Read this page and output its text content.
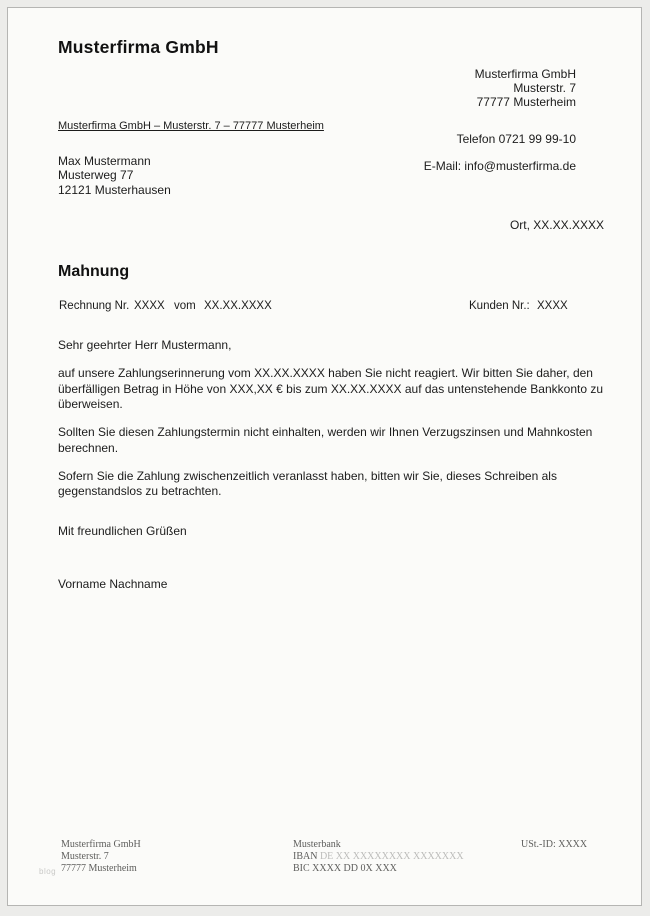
Musterfirma GmbH
Musterfirma GmbH
Musterstr. 7
77777 Musterheim
Telefon 0721 99 99-10
E-Mail: info@musterfirma.de
Musterfirma GmbH – Musterstr. 7 – 77777 Musterheim
Max Mustermann
Musterweg 77
12121 Musterhausen
Ort, XX.XX.XXXX
Mahnung
Rechnung Nr. XXXX vom XX.XX.XXXX	Kunden Nr.: XXXX

Sehr geehrter Herr Mustermann,

auf unsere Zahlungserinnerung vom XX.XX.XXXX haben Sie nicht reagiert. Wir bitten Sie daher, den überfälligen Betrag in Höhe von XXX,XX € bis zum XX.XX.XXXX auf das untenstehende Bankkonto zu überweisen.

Sollten Sie diesen Zahlungstermin nicht einhalten, werden wir Ihnen Verzugszinsen und Mahnkosten berechnen.

Sofern Sie die Zahlung zwischenzeitlich veranlasst haben, bitten wir Sie, dieses Schreiben als gegenstandslos zu betrachten.

Mit freundlichen Grüßen
Vorname Nachname
blog
Musterfirma GmbH
Musterstr. 7
77777 Musterheim
Musterbank
IBAN DE XX XXXXXXXX XXXXXXX
BIC XXXX DD 0X XXX
USt.-ID: XXXX
